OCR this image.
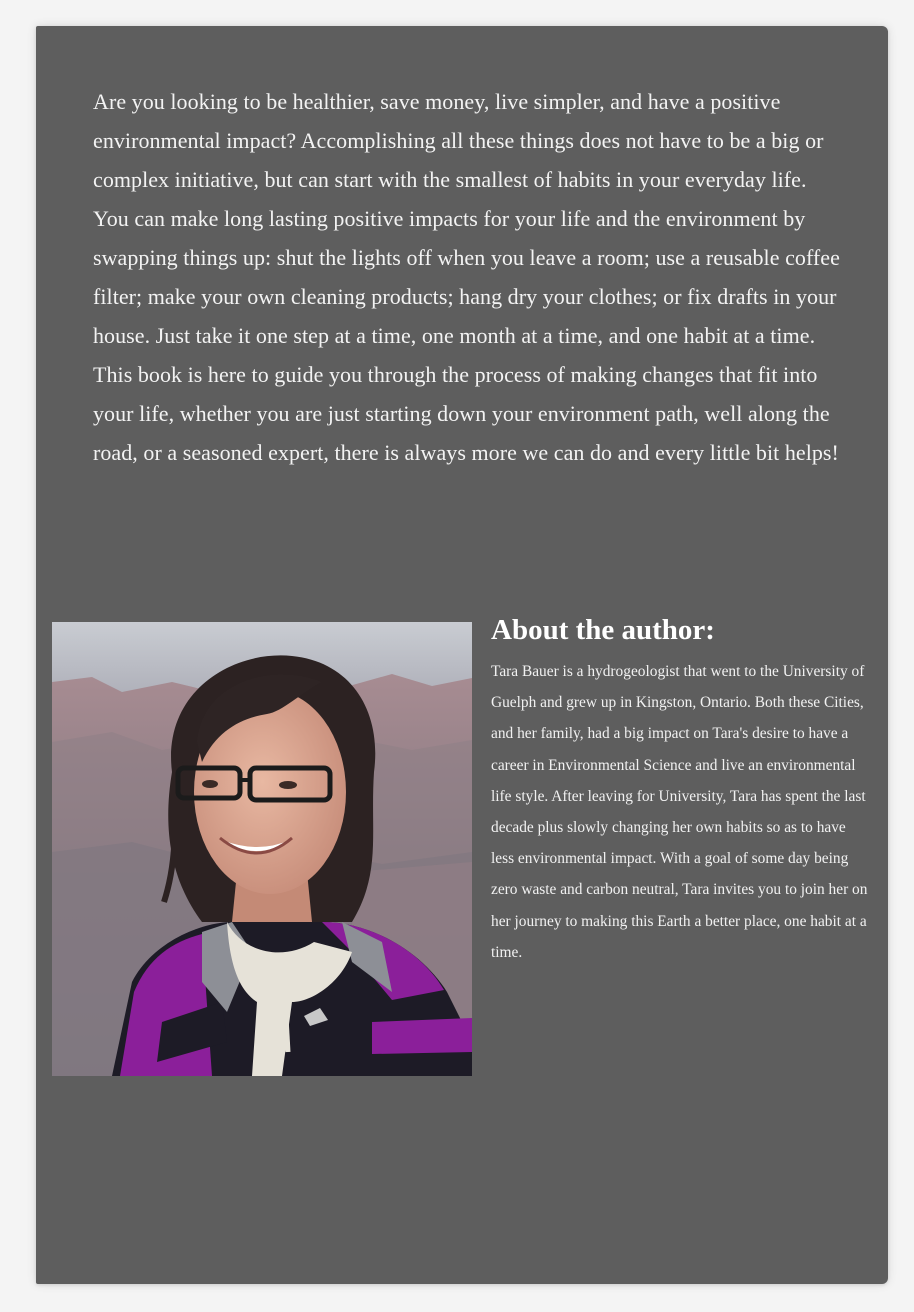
Are you looking to be healthier, save money, live simpler, and have a positive environmental impact? Accomplishing all these things does not have to be a big or complex initiative, but can start with the smallest of habits in your everyday life. You can make long lasting positive impacts for your life and the environment by swapping things up: shut the lights off when you leave a room; use a reusable coffee filter; make your own cleaning products; hang dry your clothes; or fix drafts in your house. Just take it one step at a time, one month at a time, and one habit at a time. This book is here to guide you through the process of making changes that fit into your life, whether you are just starting down your environment path, well along the road, or a seasoned expert, there is always more we can do and every little bit helps!

About the author:

Tara Bauer is a hydrogeologist that went to the University of Guelph and grew up in Kingston, Ontario. Both these Cities, and her family, had a big impact on Tara's desire to have a career in Environmental Science and live an environmental life style. After leaving for University, Tara has spent the last decade plus slowly changing her own habits so as to have less environmental impact. With a goal of some day being zero waste and carbon neutral, Tara invites you to join her on her journey to making this Earth a better place, one habit at a time.
